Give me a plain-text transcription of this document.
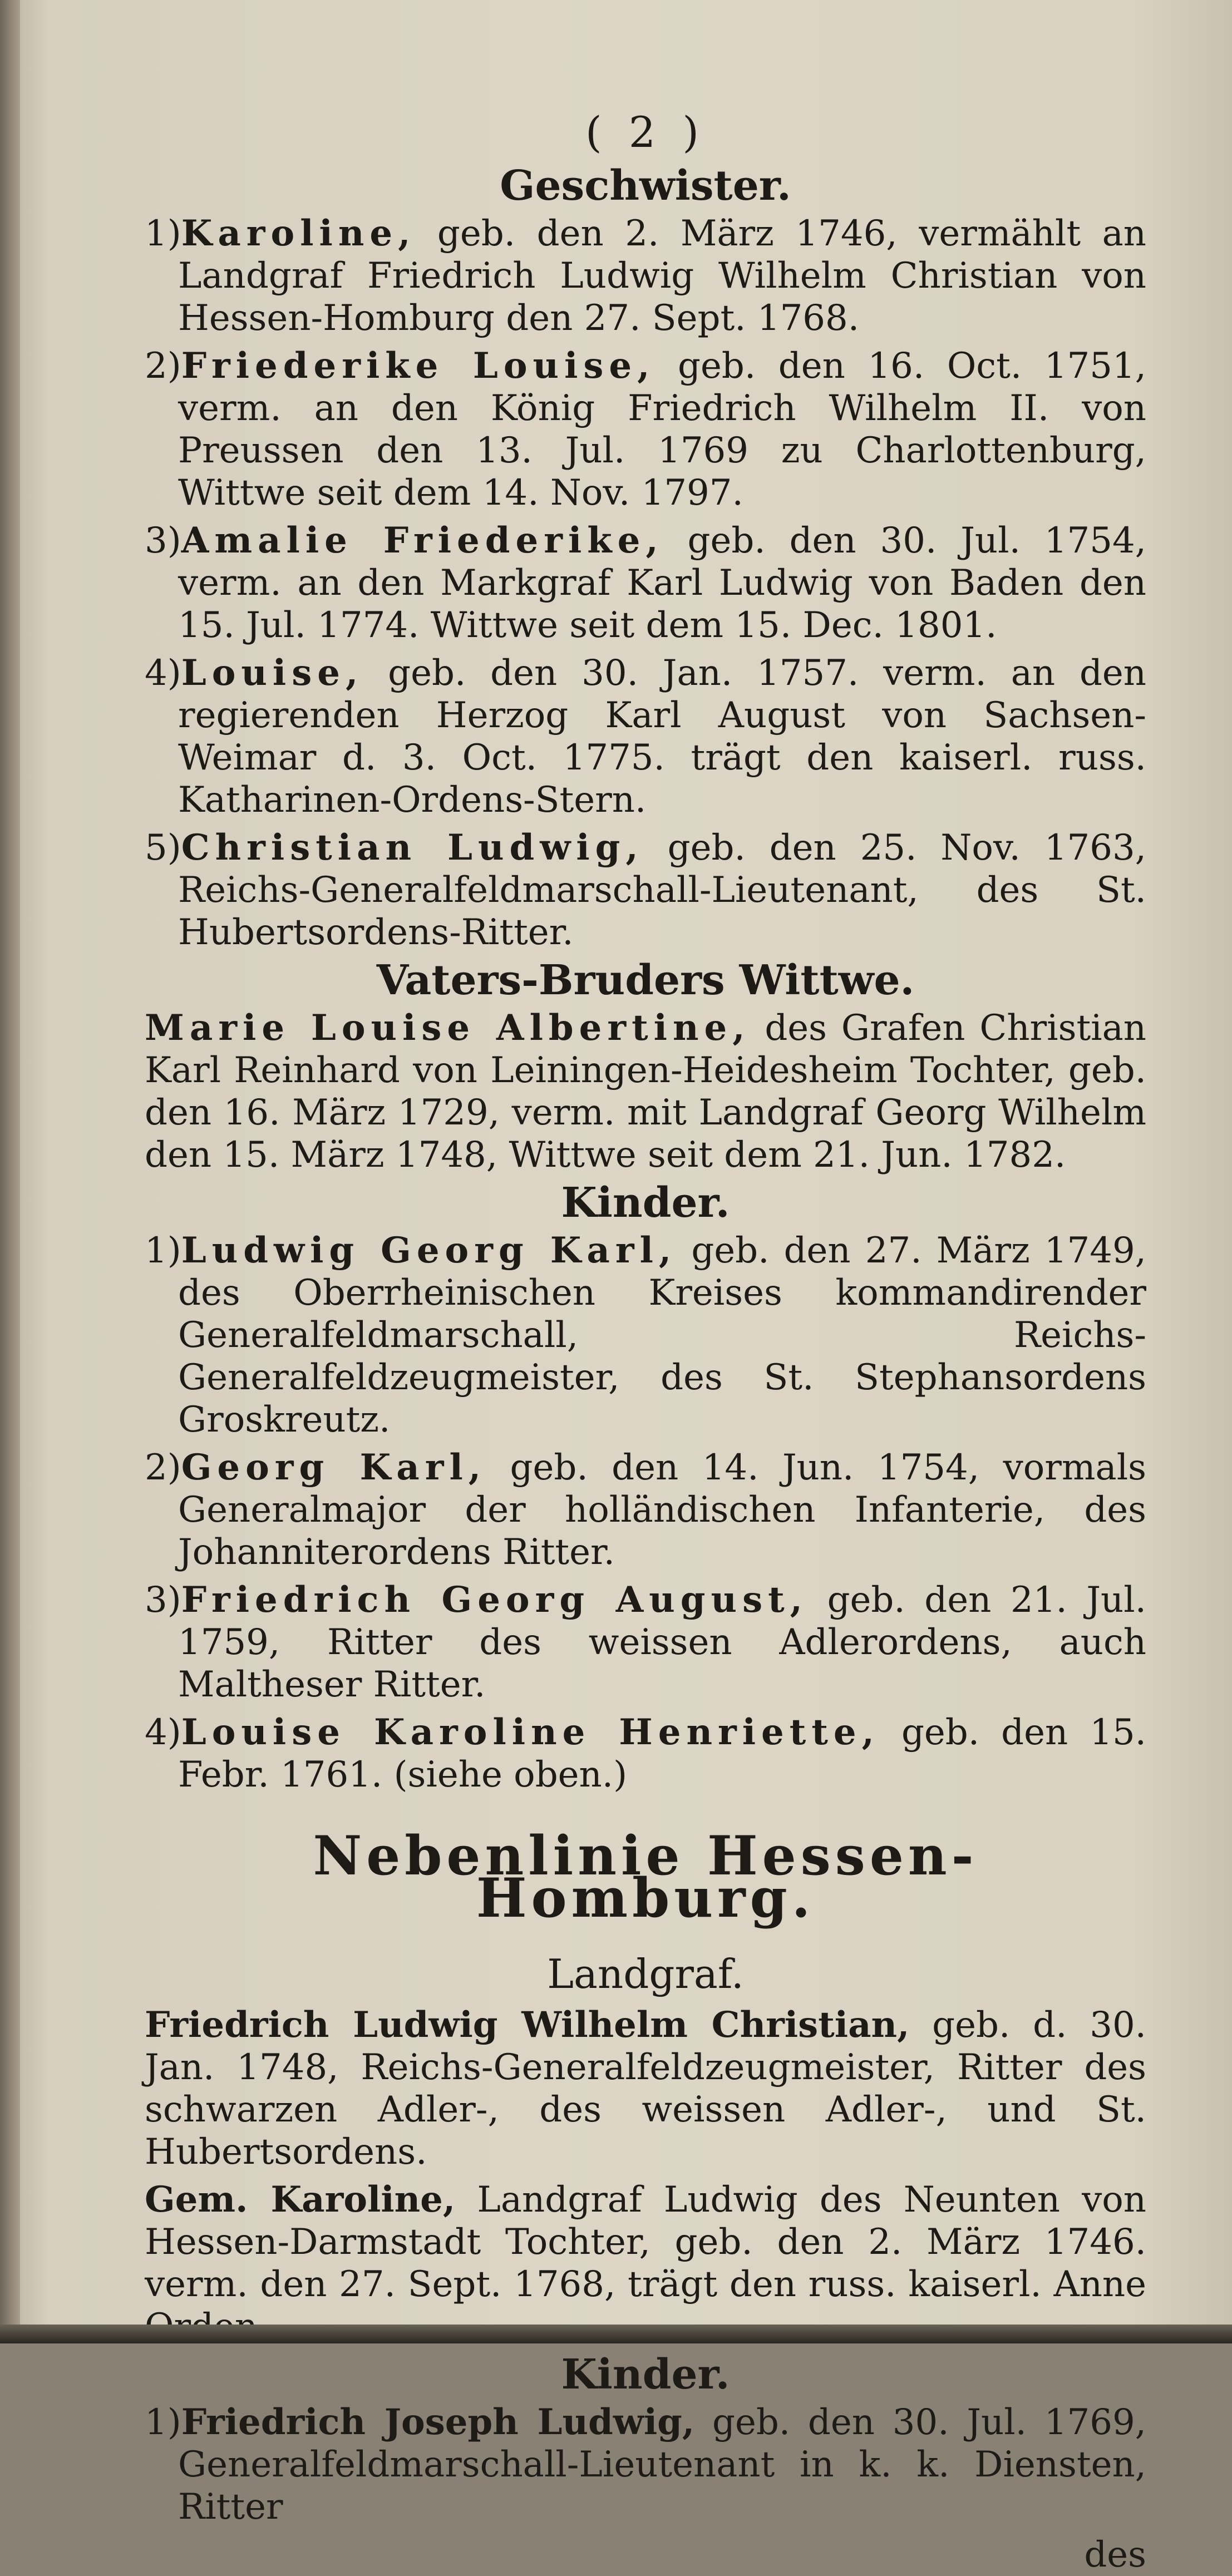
( 2 )
Geschwister.
1)Karoline, geb. den 2. März 1746, vermählt an Landgraf Friedrich Ludwig Wilhelm Christian von Hessen-Homburg den 27. Sept. 1768.
2)Friederike Louise, geb. den 16. Oct. 1751, verm. an den König Friedrich Wilhelm II. von Preussen den 13. Jul. 1769 zu Charlottenburg, Wittwe seit dem 14. Nov. 1797.
3)Amalie Friederike, geb. den 30. Jul. 1754, verm. an den Markgraf Karl Ludwig von Baden den 15. Jul. 1774. Wittwe seit dem 15. Dec. 1801.
4)Louise, geb. den 30. Jan. 1757. verm. an den regierenden Herzog Karl August von Sachsen-Weimar d. 3. Oct. 1775. trägt den kaiserl. russ. Katharinen-Ordens-Stern.
5)Christian Ludwig, geb. den 25. Nov. 1763, Reichs-Generalfeldmarschall-Lieutenant, des St. Hubertsordens-Ritter.
Vaters-Bruders Wittwe.
Marie Louise Albertine, des Grafen Christian Karl Reinhard von Leiningen-Heidesheim Tochter, geb. den 16. März 1729, verm. mit Landgraf Georg Wilhelm den 15. März 1748, Wittwe seit dem 21. Jun. 1782.
Kinder.
1)Ludwig Georg Karl, geb. den 27. März 1749, des Oberrheinischen Kreises kommandirender Generalfeldmarschall, Reichs-Generalfeldzeugmeister, des St. Stephansordens Groskreutz.
2)Georg Karl, geb. den 14. Jun. 1754, vormals Generalmajor der holländischen Infanterie, des Johanniterordens Ritter.
3)Friedrich Georg August, geb. den 21. Jul. 1759, Ritter des weissen Adlerordens, auch Maltheser Ritter.
4)Louise Karoline Henriette, geb. den 15. Febr. 1761. (siehe oben.)
Nebenlinie Hessen-Homburg.
Landgraf.
Friedrich Ludwig Wilhelm Christian, geb. d. 30. Jan. 1748, Reichs-Generalfeldzeugmeister, Ritter des schwarzen Adler-, des weissen Adler-, und St. Hubertsordens.
Gem. Karoline, Landgraf Ludwig des Neunten von Hessen-Darmstadt Tochter, geb. den 2. März 1746. verm. den 27. Sept. 1768, trägt den russ. kaiserl. Anne
Kinder.
1)Friedrich Joseph Ludwig, geb. den 30. Jul. 1769, Generalfeldmarschall-Lieutenant in k. k. Diensten, Ritter
des
